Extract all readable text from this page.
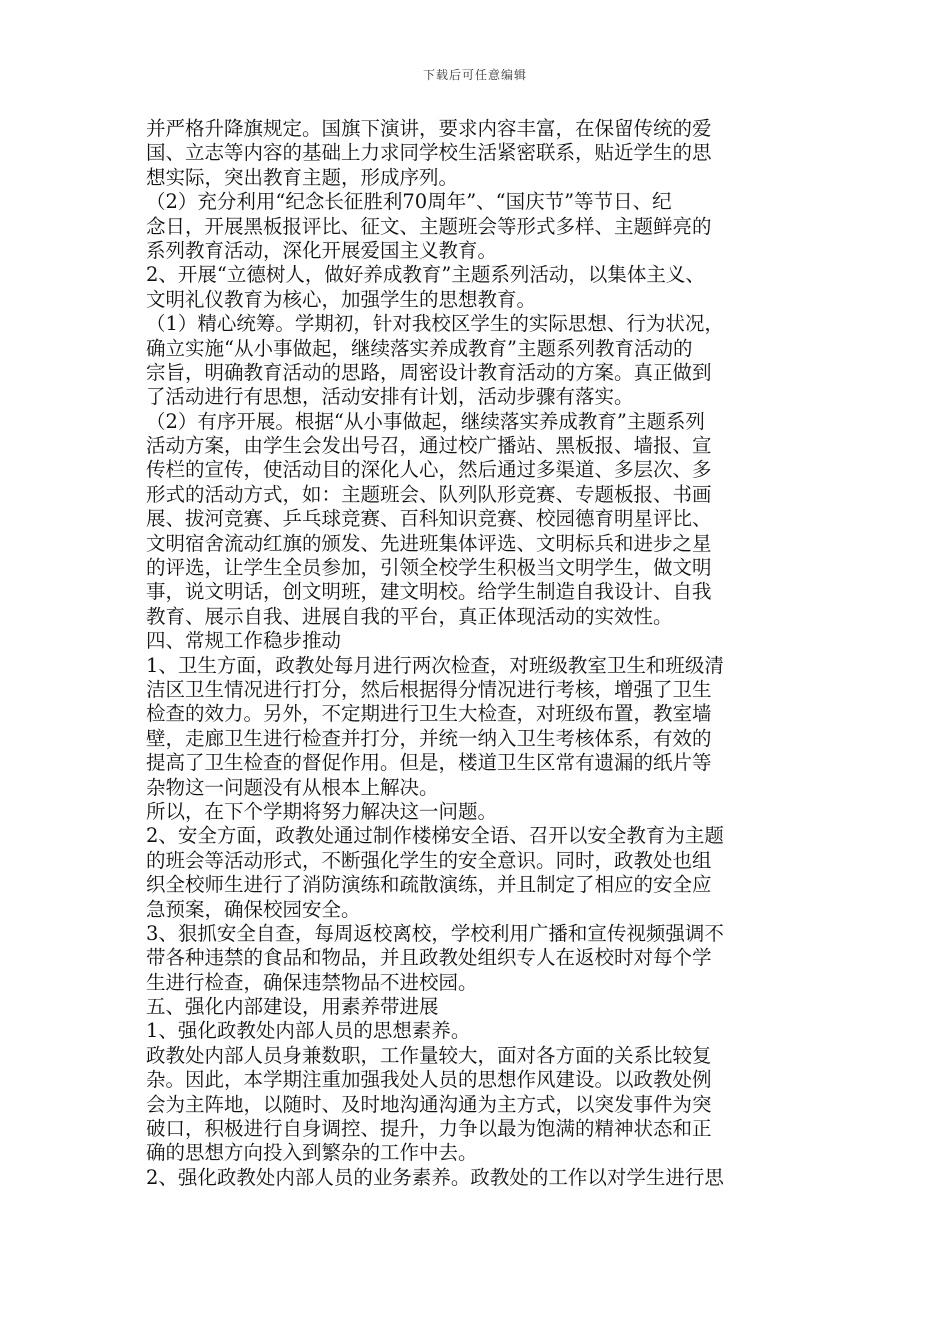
下载后可任意编辑
并严格升降旗规定。国旗下演讲，要求内容丰富，在保留传统的爱
国、立志等内容的基础上力求同学校生活紧密联系，贴近学生的思
想实际，突出教育主题，形成序列。
（2）充分利用“纪念长征胜利70周年”、“国庆节”等节日、纪
念日，开展黑板报评比、征文、主题班会等形式多样、主题鲜亮的
系列教育活动，深化开展爱国主义教育。
2、开展“立德树人，做好养成教育”主题系列活动，以集体主义、
文明礼仪教育为核心，加强学生的思想教育。
（1）精心统筹。学期初，针对我校区学生的实际思想、行为状况，
确立实施“从小事做起，继续落实养成教育”主题系列教育活动的
宗旨，明确教育活动的思路，周密设计教育活动的方案。真正做到
了活动进行有思想，活动安排有计划，活动步骤有落实。
（2）有序开展。根据“从小事做起，继续落实养成教育”主题系列
活动方案，由学生会发出号召，通过校广播站、黑板报、墙报、宣
传栏的宣传，使活动目的深化人心，然后通过多渠道、多层次、多
形式的活动方式，如：主题班会、队列队形竞赛、专题板报、书画
展、拔河竞赛、乒乓球竞赛、百科知识竞赛、校园德育明星评比、
文明宿舍流动红旗的颁发、先进班集体评选、文明标兵和进步之星
的评选，让学生全员参加，引领全校学生积极当文明学生，做文明
事，说文明话，创文明班，建文明校。给学生制造自我设计、自我
教育、展示自我、进展自我的平台，真正体现活动的实效性。
四、常规工作稳步推动
1、卫生方面，政教处每月进行两次检查，对班级教室卫生和班级清
洁区卫生情况进行打分，然后根据得分情况进行考核，增强了卫生
检查的效力。另外，不定期进行卫生大检查，对班级布置，教室墙
壁，走廊卫生进行检查并打分，并统一纳入卫生考核体系，有效的
提高了卫生检查的督促作用。但是，楼道卫生区常有遗漏的纸片等
杂物这一问题没有从根本上解决。
所以，在下个学期将努力解决这一问题。
2、安全方面，政教处通过制作楼梯安全语、召开以安全教育为主题
的班会等活动形式，不断强化学生的安全意识。同时，政教处也组
织全校师生进行了消防演练和疏散演练，并且制定了相应的安全应
急预案，确保校园安全。
3、狠抓安全自查，每周返校离校，学校利用广播和宣传视频强调不
带各种违禁的食品和物品，并且政教处组织专人在返校时对每个学
生进行检查，确保违禁物品不进校园。
五、强化内部建设，用素养带进展
1、强化政教处内部人员的思想素养。
政教处内部人员身兼数职，工作量较大，面对各方面的关系比较复
杂。因此，本学期注重加强我处人员的思想作风建设。以政教处例
会为主阵地，以随时、及时地沟通沟通为主方式，以突发事件为突
破口，积极进行自身调控、提升，力争以最为饱满的精神状态和正
确的思想方向投入到繁杂的工作中去。
2、强化政教处内部人员的业务素养。政教处的工作以对学生进行思
